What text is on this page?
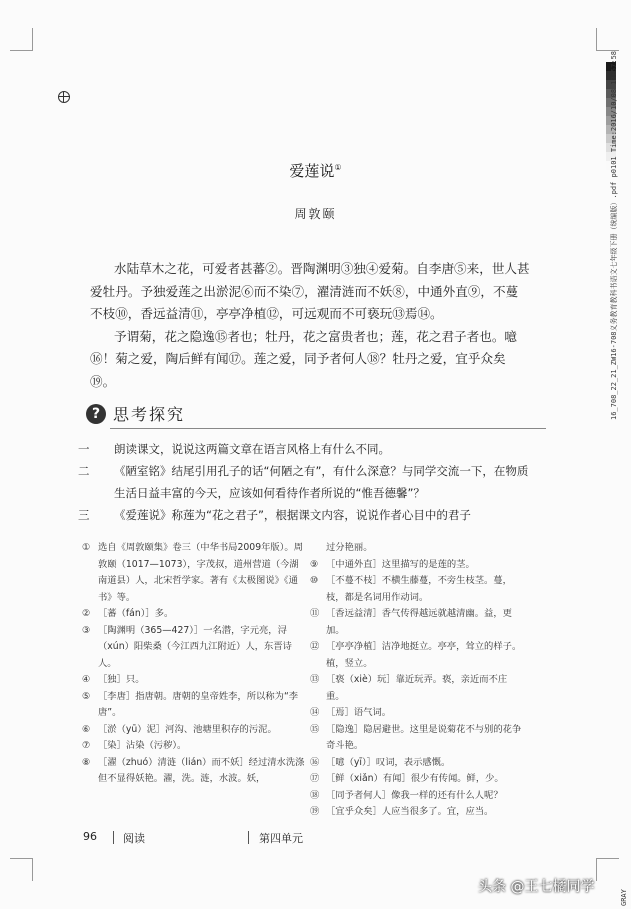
16_708_22_21_ZW16-708义务教育教科书语文七年级下册（统编版）.pdf p0101 Time:2016/10/08 13:57:58
GRAY
爱莲说①
周敦颐

水陆草木之花，可爱者甚蕃②。晋陶渊明③独④爱菊。自李唐⑤来，世人甚爱牡丹。予独爱莲之出淤泥⑥而不染⑦，濯清涟而不妖⑧，中通外直⑨，不蔓不枝⑩，香远益清⑪，亭亭净植⑫，可远观而不可亵玩⑬焉⑭。

予谓菊，花之隐逸⑮者也；牡丹，花之富贵者也；莲，花之君子者也。噫⑯！菊之爱，陶后鲜有闻⑰。莲之爱，同予者何人⑱？牡丹之爱，宜乎众矣⑲。

? 思考探究
一	朗读课文，说说这两篇文章在语言风格上有什么不同。
二	《陋室铭》结尾引用孔子的话“何陋之有”，有什么深意？与同学交流一下，在物质生活日益丰富的今天，应该如何看待作者所说的“惟吾德馨”？
三	《爱莲说》称莲为“花之君子”，根据课文内容，说说作者心目中的君子
① 选自《周敦颐集》卷三（中华书局2009年版）。周敦颐（1017—1073），字茂叔，道州营道（今湖南道县）人，北宋哲学家。著有《太极图说》《通书》等。
② ［蕃（fán）］多。
③ ［陶渊明（365—427）］一名潜，字元亮，浔（xún）阳柴桑（今江西九江附近）人，东晋诗人。
④ ［独］只。
⑤ ［李唐］指唐朝。唐朝的皇帝姓李，所以称为“李唐”。
⑥ ［淤（yū）泥］河沟、池塘里积存的污泥。
⑦ ［染］沾染（污秽）。
⑧ ［濯（zhuó）清涟（lián）而不妖］经过清水洗涤但不显得妖艳。濯，洗。涟，水波。妖，
过分艳丽。
⑨ ［中通外直］这里描写的是莲的茎。
⑩ ［不蔓不枝］不横生藤蔓，不旁生枝茎。蔓，枝，都是名词用作动词。
⑪ ［香远益清］香气传得越远就越清幽。益，更加。
⑫ ［亭亭净植］洁净地挺立。亭亭，耸立的样子。植，竖立。
⑬ ［亵（xiè）玩］靠近玩弄。亵，亲近而不庄重。
⑭ ［焉］语气词。
⑮ ［隐逸］隐居避世。这里是说菊花不与别的花争奇斗艳。
⑯ ［噫（yī）］叹词，表示感慨。
⑰ ［鲜（xiǎn）有闻］很少有传闻。鲜，少。
⑱ ［同予者何人］像我一样的还有什么人呢？
⑲ ［宜乎众矣］人应当很多了。宜，应当。
96 阅读	第四单元
头条 @王七橘同学
